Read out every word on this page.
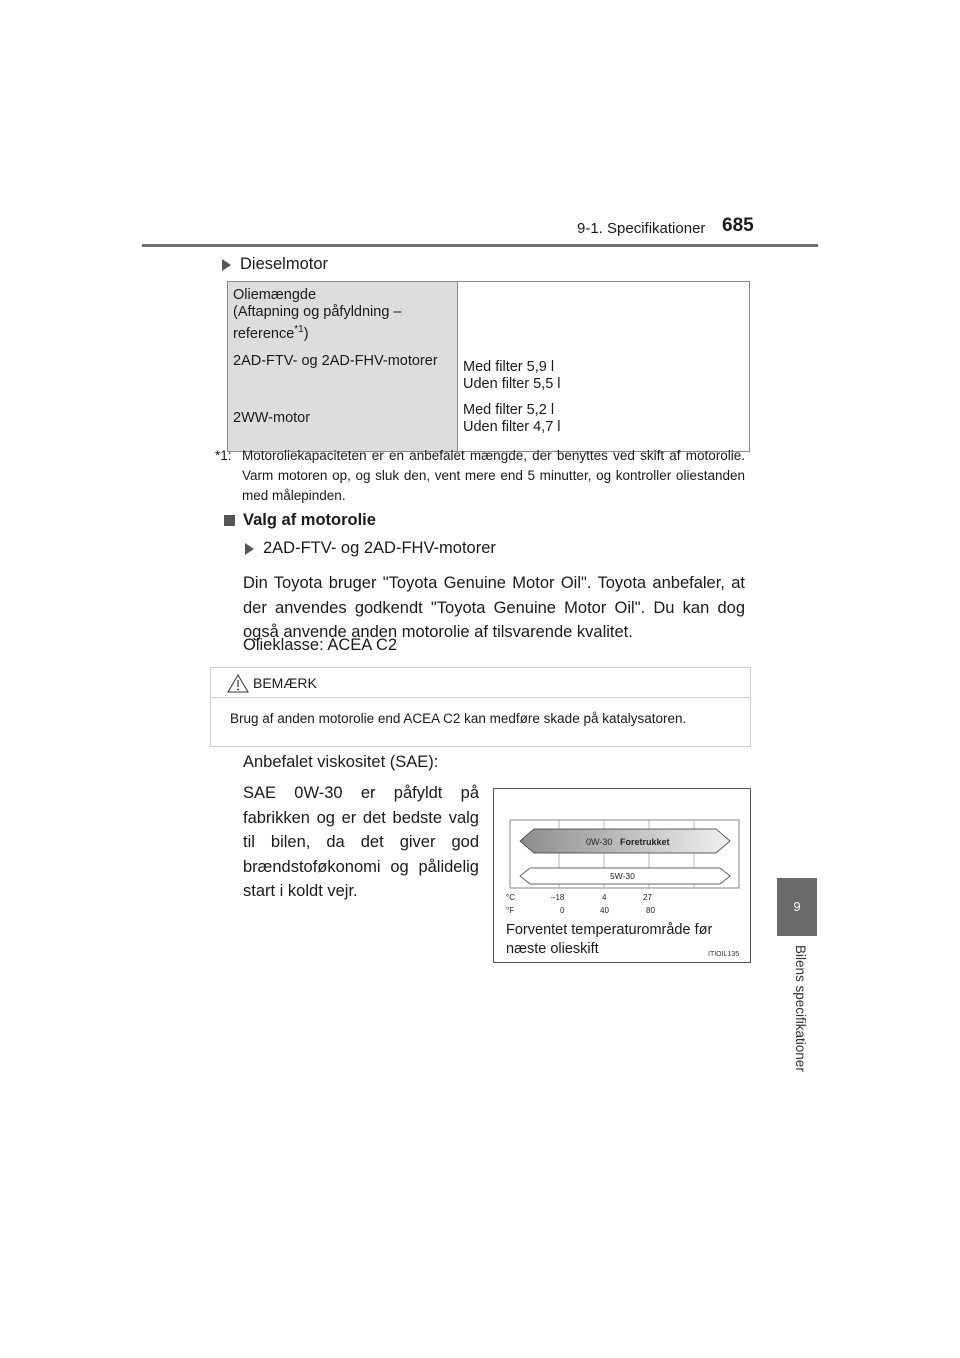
9-1. Specifikationer 685
9
Bilens specifikationer
Dieselmotor
Oliemængde
(Aftapning og påfyldning –
reference$^{*1}$)	
2AD-FTV- og 2AD-FHV-motorer	Med filter 5,9 l
Uden filter 5,5 l
2WW-motor	Med filter 5,2 l
Uden filter 4,7 l
*1: Motoroliekapaciteten er en anbefalet mængde, der benyttes ved skift af motorolie. Varm motoren op, og sluk den, vent mere end 5 minutter, og kontroller oliestanden med målepinden.
Valg af motorolie
2AD-FTV- og 2AD-FHV-motorer
Din Toyota bruger "Toyota Genuine Motor Oil". Toyota anbefaler, at der anvendes godkendt "Toyota Genuine Motor Oil". Du kan dog også anvende anden motorolie af tilsvarende kvalitet.
Olieklasse: ACEA C2
BEMÆRK
Brug af anden motorolie end ACEA C2 kan medføre skade på katalysatoren.
Anbefalet viskositet (SAE):
SAE 0W-30 er påfyldt på fabrikken og er det bedste valg til bilen, da det giver god brændstoføkonomi og pålidelig start i koldt vejr.
0W-30 Foretrukket
5W-30
°C
°F
–18	4	27
0	40	80
ITIOIL135
Forventet temperaturområde før næste olieskift
